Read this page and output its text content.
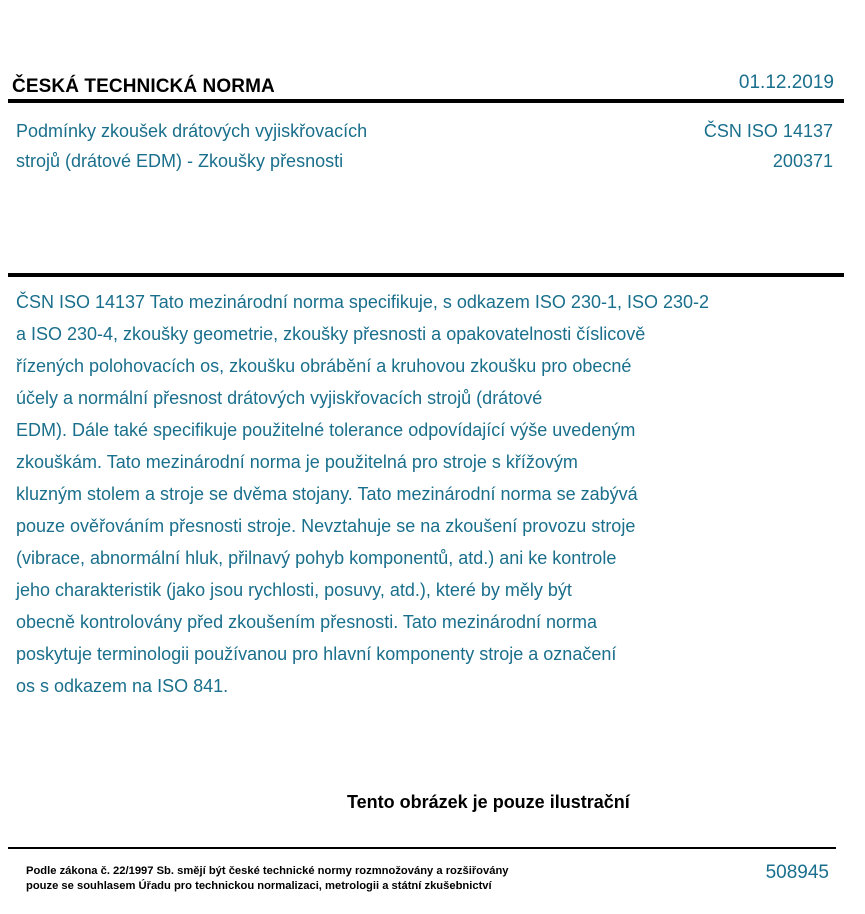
ČESKÁ TECHNICKÁ NORMA	01.12.2019
Podmínky zkoušek drátových vyjiskřovacích
strojů (drátové EDM) - Zkoušky přesnosti
ČSN ISO 14137
200371
ČSN ISO 14137 Tato mezinárodní norma specifikuje, s odkazem ISO 230-1, ISO 230-2
a ISO 230-4, zkoušky geometrie, zkoušky přesnosti a opakovatelnosti číslicově
řízených polohovacích os, zkoušku obrábění a kruhovou zkoušku pro obecné
účely a normální přesnost drátových vyjiskřovacích strojů (drátové
EDM). Dále také specifikuje použitelné tolerance odpovídající výše uvedeným
zkouškám. Tato mezinárodní norma je použitelná pro stroje s křížovým
kluzným stolem a stroje se dvěma stojany. Tato mezinárodní norma se zabývá
pouze ověřováním přesnosti stroje. Nevztahuje se na zkoušení provozu stroje
(vibrace, abnormální hluk, přilnavý pohyb komponentů, atd.) ani ke kontrole
jeho charakteristik (jako jsou rychlosti, posuvy, atd.), které by měly být
obecně kontrolovány před zkoušením přesnosti. Tato mezinárodní norma
poskytuje terminologii používanou pro hlavní komponenty stroje a označení
os s odkazem na ISO 841.
Tento obrázek je pouze ilustrační
Podle zákona č. 22/1997 Sb. smějí být české technické normy rozmnožovány a rozšiřovány
pouze se souhlasem Úřadu pro technickou normalizaci, metrologii a státní zkušebnictví
508945
